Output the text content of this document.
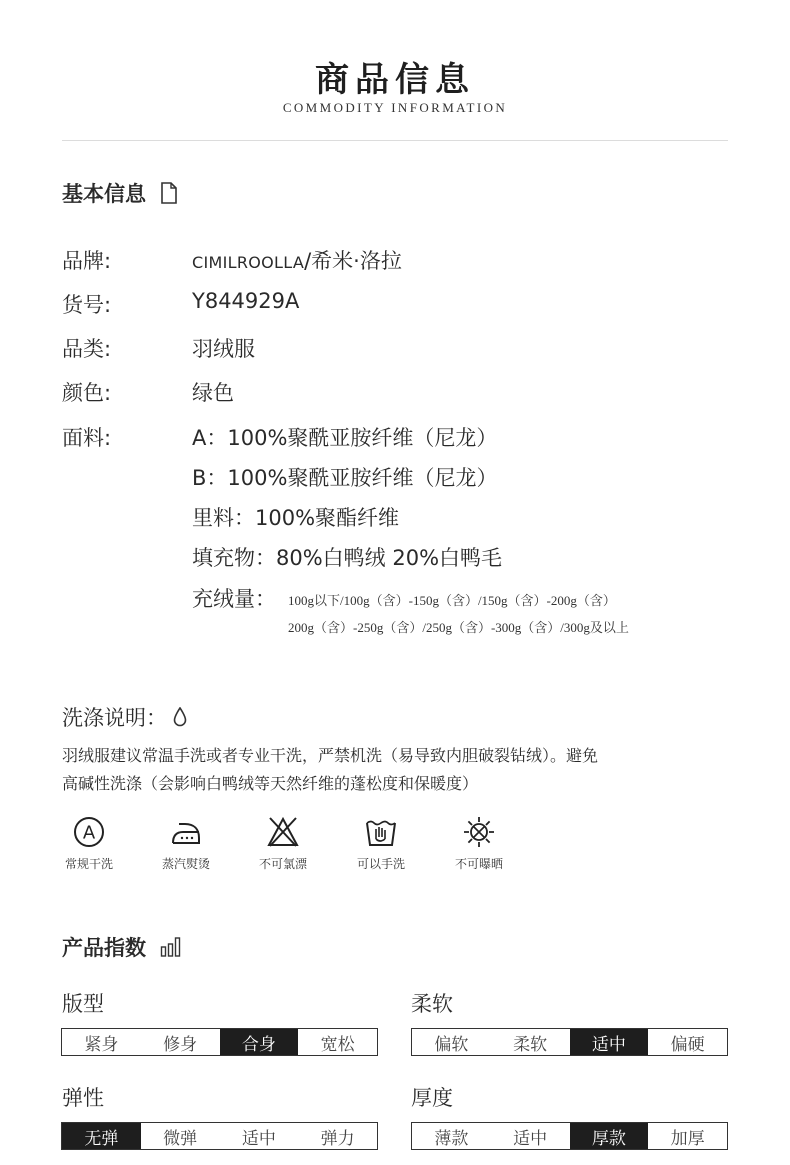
商品信息
COMMODITY INFORMATION
基本信息
品牌:	CIMILROOLLA/希米·洛拉
货号:	Y844929A
品类:	羽绒服
颜色:	绿色
面料:	A：100%聚酰亚胺纤维（尼龙）
B：100%聚酰亚胺纤维（尼龙）
里料：100%聚酯纤维
填充物：80%白鸭绒 20%白鸭毛
充绒量： 100g以下/100g（含）-150g（含）/150g（含）-200g（含）
200g（含）-250g（含）/250g（含）-300g（含）/300g及以上
洗涤说明：
羽绒服建议常温手洗或者专业干洗，严禁机洗（易导致内胆破裂钻绒）。避免
高碱性洗涤（会影响白鸭绒等天然纤维的蓬松度和保暖度）
A
常规干洗	蒸汽熨烫	不可氯漂	可以手洗	不可曝晒
产品指数
版型
紧身	修身	合身	宽松
柔软
偏软	柔软	适中	偏硬
弹性
无弹	微弹	适中	弹力
厚度
薄款	适中	厚款	加厚
